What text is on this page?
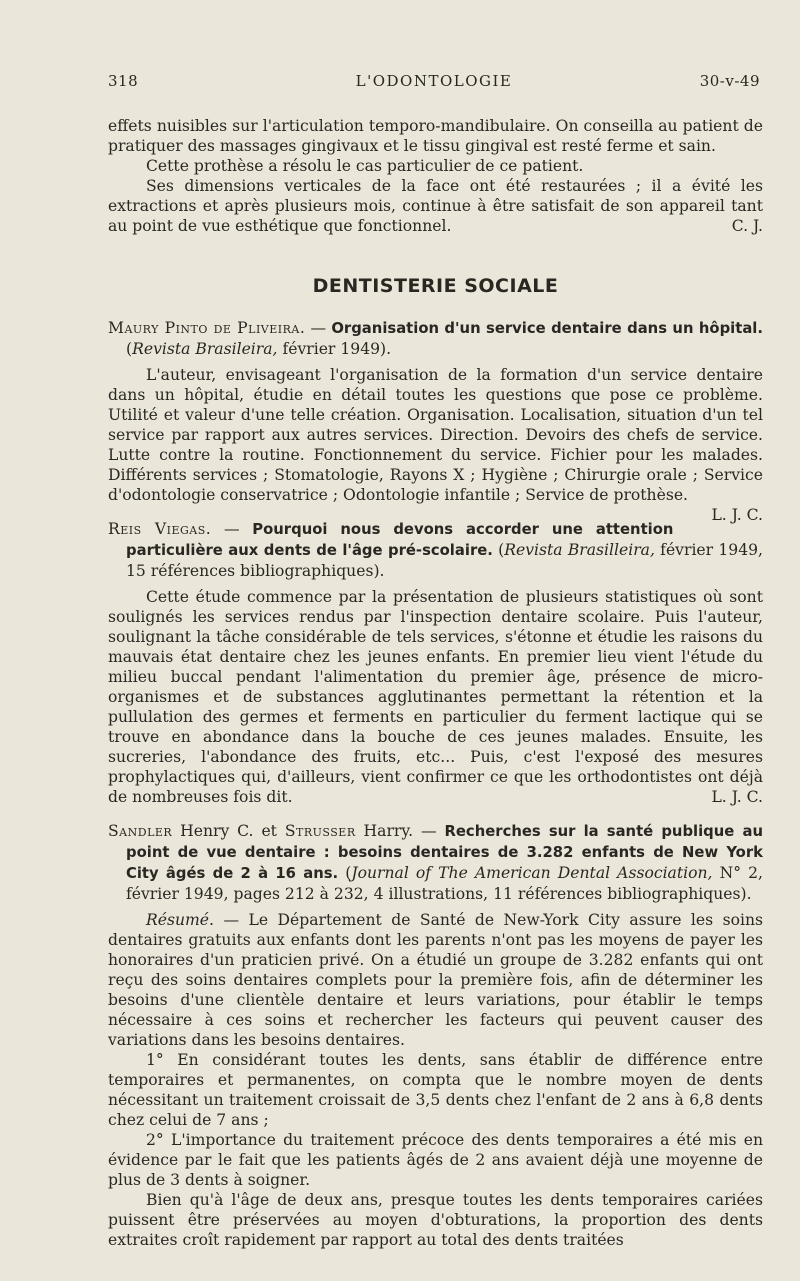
318	L'ODONTOLOGIE	30-v-49

effets nuisibles sur l'articulation temporo-mandibulaire. On conseilla au patient de pratiquer des massages gingivaux et le tissu gingival est resté ferme et sain.

Cette prothèse a résolu le cas particulier de ce patient.

Ses dimensions verticales de la face ont été restaurées ; il a évité les extractions et après plusieurs mois, continue à être satisfait de son appareil tant au point de vue esthétique que fonctionnel.	C. J.

DENTISTERIE SOCIALE

Maury Pinto de Pliveira. — Organisation d'un service dentaire dans un hôpital. (Revista Brasileira, février 1949).

L'auteur, envisageant l'organisation de la formation d'un service dentaire dans un hôpital, étudie en détail toutes les questions que pose ce problème. Utilité et valeur d'une telle création. Organisation. Localisation, situation d'un tel service par rapport aux autres services. Direction. Devoirs des chefs de service. Lutte contre la routine. Fonctionnement du service. Fichier pour les malades. Différents services ; Stomatologie, Rayons X ; Hygiène ; Chirurgie orale ; Service d'odontologie conservatrice ; Odontologie infantile ; Service de prothèse.
L. J. C.

Reis Viegas. — Pourquoi nous devons accorder une attention particulière aux dents de l'âge pré-scolaire. (Revista Brasilleira, février 1949, 15 références bibliographiques).

Cette étude commence par la présentation de plusieurs statistiques où sont soulignés les services rendus par l'inspection dentaire scolaire. Puis l'auteur, soulignant la tâche considérable de tels services, s'étonne et étudie les raisons du mauvais état dentaire chez les jeunes enfants. En premier lieu vient l'étude du milieu buccal pendant l'alimentation du premier âge, présence de micro-organismes et de substances agglutinantes permettant la rétention et la pullulation des germes et ferments en particulier du ferment lactique qui se trouve en abondance dans la bouche de ces jeunes malades. Ensuite, les sucreries, l'abondance des fruits, etc... Puis, c'est l'exposé des mesures prophylactiques qui, d'ailleurs, vient confirmer ce que les orthodontistes ont déjà de nombreuses fois dit.	L. J. C.

Sandler Henry C. et Strusser Harry. — Recherches sur la santé publique au point de vue dentaire : besoins dentaires de 3.282 enfants de New York City âgés de 2 à 16 ans. (Journal of The American Dental Association, N° 2, février 1949, pages 212 à 232, 4 illustrations, 11 références bibliographiques).

Résumé. — Le Département de Santé de New-York City assure les soins dentaires gratuits aux enfants dont les parents n'ont pas les moyens de payer les honoraires d'un praticien privé. On a étudié un groupe de 3.282 enfants qui ont reçu des soins dentaires complets pour la première fois, afin de déterminer les besoins d'une clientèle dentaire et leurs variations, pour établir le temps nécessaire à ces soins et rechercher les facteurs qui peuvent causer des variations dans les besoins dentaires.

1° En considérant toutes les dents, sans établir de différence entre temporaires et permanentes, on compta que le nombre moyen de dents nécessitant un traitement croissait de 3,5 dents chez l'enfant de 2 ans à 6,8 dents chez celui de 7 ans ;

2° L'importance du traitement précoce des dents temporaires a été mis en évidence par le fait que les patients âgés de 2 ans avaient déjà une moyenne de plus de 3 dents à soigner.

Bien qu'à l'âge de deux ans, presque toutes les dents temporaires cariées puissent être préservées au moyen d'obturations, la proportion des dents extraites croît rapidement par rapport au total des dents traitées
